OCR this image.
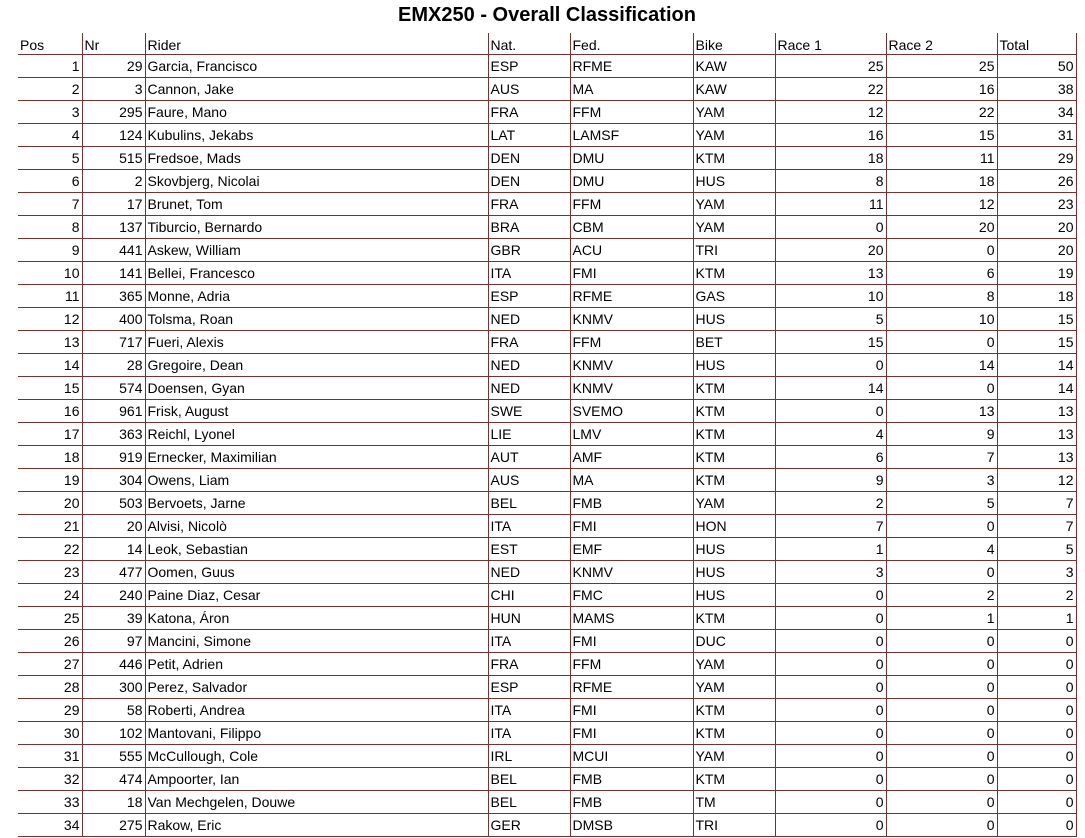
EMX250 - Overall Classification
Pos	Nr	Rider	Nat.	Fed.	Bike	Race 1	Race 2	Total
1	29	Garcia, Francisco	ESP	RFME	KAW	25	25	50
2	3	Cannon, Jake	AUS	MA	KAW	22	16	38
3	295	Faure, Mano	FRA	FFM	YAM	12	22	34
4	124	Kubulins, Jekabs	LAT	LAMSF	YAM	16	15	31
5	515	Fredsoe, Mads	DEN	DMU	KTM	18	11	29
6	2	Skovbjerg, Nicolai	DEN	DMU	HUS	8	18	26
7	17	Brunet, Tom	FRA	FFM	YAM	11	12	23
8	137	Tiburcio, Bernardo	BRA	CBM	YAM	0	20	20
9	441	Askew, William	GBR	ACU	TRI	20	0	20
10	141	Bellei, Francesco	ITA	FMI	KTM	13	6	19
11	365	Monne, Adria	ESP	RFME	GAS	10	8	18
12	400	Tolsma, Roan	NED	KNMV	HUS	5	10	15
13	717	Fueri, Alexis	FRA	FFM	BET	15	0	15
14	28	Gregoire, Dean	NED	KNMV	HUS	0	14	14
15	574	Doensen, Gyan	NED	KNMV	KTM	14	0	14
16	961	Frisk, August	SWE	SVEMO	KTM	0	13	13
17	363	Reichl, Lyonel	LIE	LMV	KTM	4	9	13
18	919	Ernecker, Maximilian	AUT	AMF	KTM	6	7	13
19	304	Owens, Liam	AUS	MA	KTM	9	3	12
20	503	Bervoets, Jarne	BEL	FMB	YAM	2	5	7
21	20	Alvisi, Nicolò	ITA	FMI	HON	7	0	7
22	14	Leok, Sebastian	EST	EMF	HUS	1	4	5
23	477	Oomen, Guus	NED	KNMV	HUS	3	0	3
24	240	Paine Diaz, Cesar	CHI	FMC	HUS	0	2	2
25	39	Katona, Áron	HUN	MAMS	KTM	0	1	1
26	97	Mancini, Simone	ITA	FMI	DUC	0	0	0
27	446	Petit, Adrien	FRA	FFM	YAM	0	0	0
28	300	Perez, Salvador	ESP	RFME	YAM	0	0	0
29	58	Roberti, Andrea	ITA	FMI	KTM	0	0	0
30	102	Mantovani, Filippo	ITA	FMI	KTM	0	0	0
31	555	McCullough, Cole	IRL	MCUI	YAM	0	0	0
32	474	Ampoorter, Ian	BEL	FMB	KTM	0	0	0
33	18	Van Mechgelen, Douwe	BEL	FMB	TM	0	0	0
34	275	Rakow, Eric	GER	DMSB	TRI	0	0	0
